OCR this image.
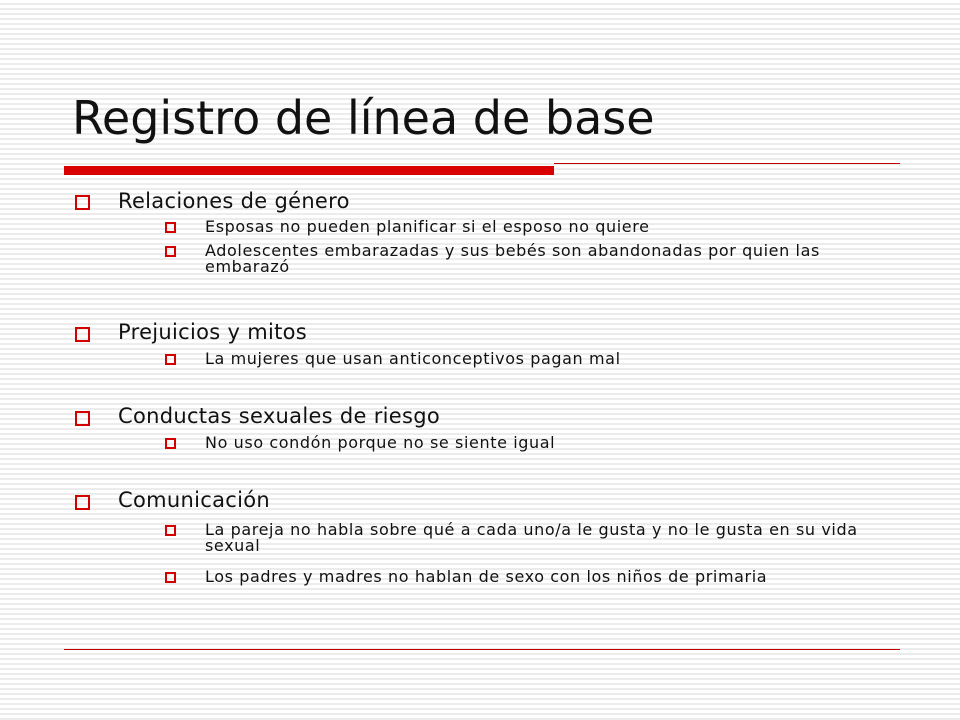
Registro de línea de base
Relaciones de género
Esposas no pueden planificar si el esposo no quiere
Adolescentes embarazadas y sus bebés son abandonadas por quien las embarazó
Prejuicios y mitos
La mujeres que usan anticonceptivos pagan mal
Conductas sexuales de riesgo
No uso condón porque no se siente igual
Comunicación
La pareja no habla sobre qué a cada uno/a le gusta y no le gusta en su vida sexual
Los padres y madres no hablan de sexo con los niños de primaria
